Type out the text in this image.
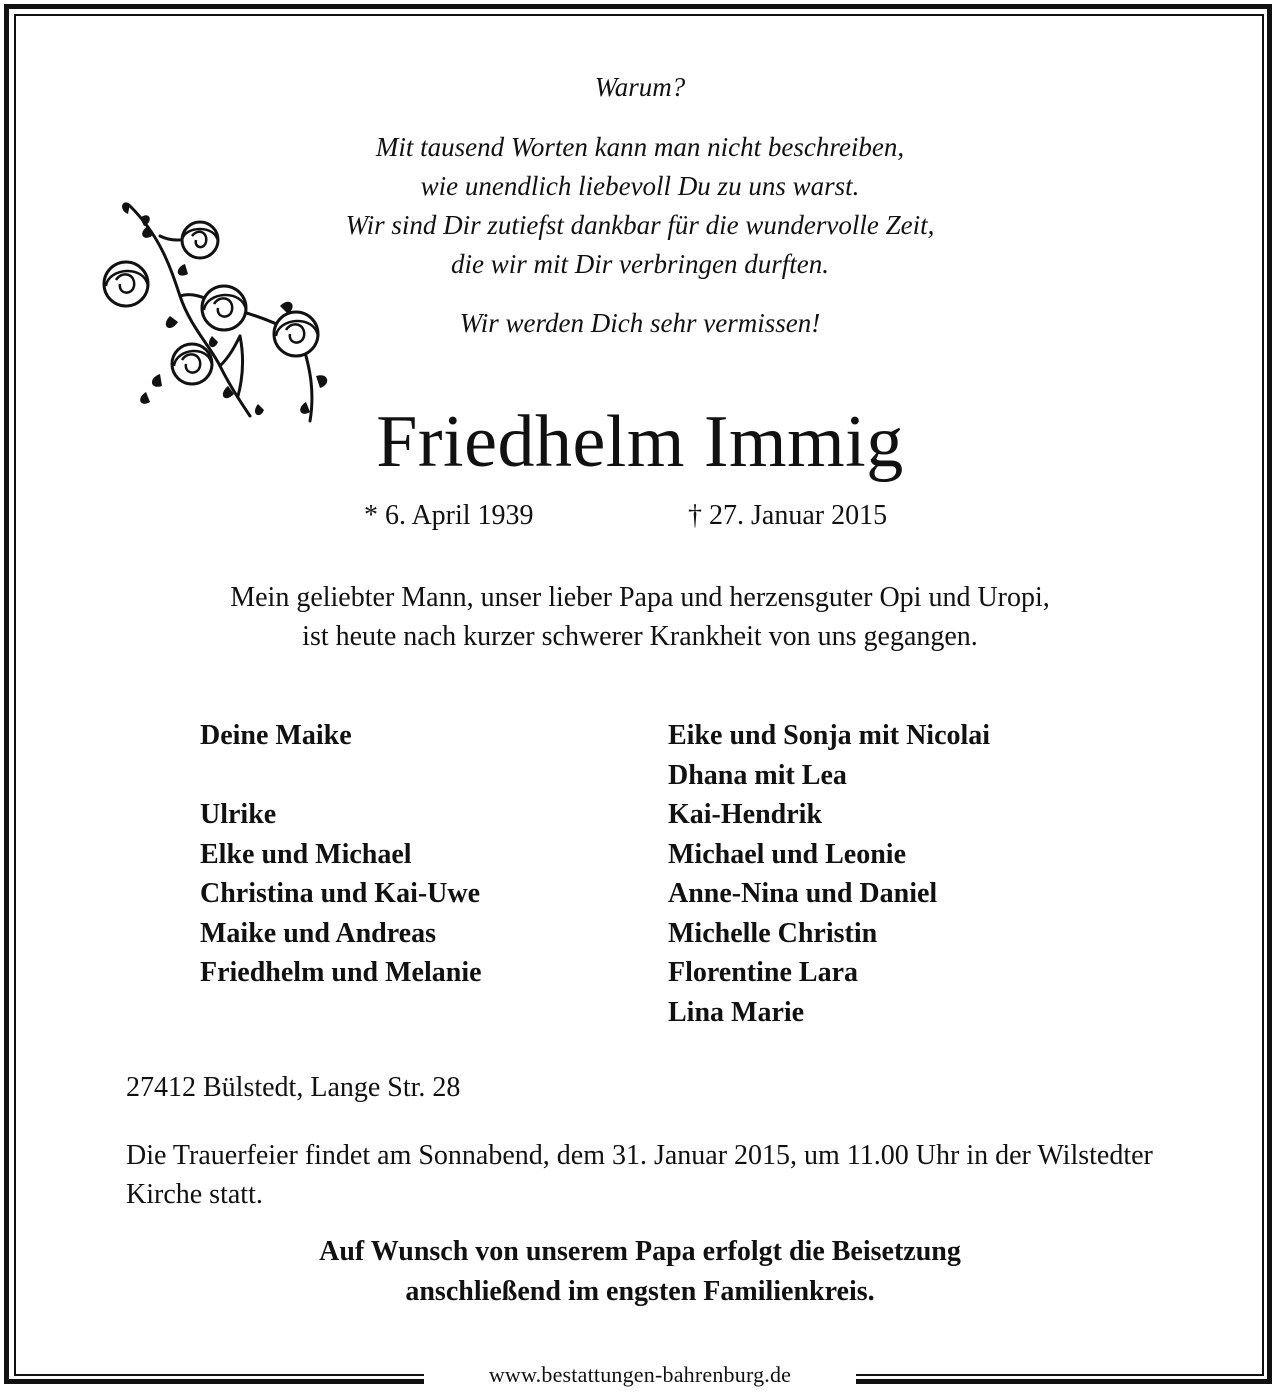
www.bestattungen-bahrenburg.de
Warum?
Mit tausend Worten kann man nicht beschreiben,
wie unendlich liebevoll Du zu uns warst.
Wir sind Dir zutiefst dankbar für die wundervolle Zeit,
die wir mit Dir verbringen durften.
Wir werden Dich sehr vermissen!
Friedhelm Immig
* 6. April 1939	† 27. Januar 2015
Mein geliebter Mann, unser lieber Papa und herzensguter Opi und Uropi,
ist heute nach kurzer schwerer Krankheit von uns gegangen.
Deine Maike

Ulrike
Elke und Michael
Christina und Kai-Uwe
Maike und Andreas
Friedhelm und Melanie
Eike und Sonja mit Nicolai
Dhana mit Lea
Kai-Hendrik
Michael und Leonie
Anne-Nina und Daniel
Michelle Christin
Florentine Lara
Lina Marie
27412 Bülstedt, Lange Str. 28
Die Trauerfeier findet am Sonnabend, dem 31. Januar 2015, um 11.00 Uhr in der Wilstedter Kirche statt.
Auf Wunsch von unserem Papa erfolgt die Beisetzung
anschließend im engsten Familienkreis.
